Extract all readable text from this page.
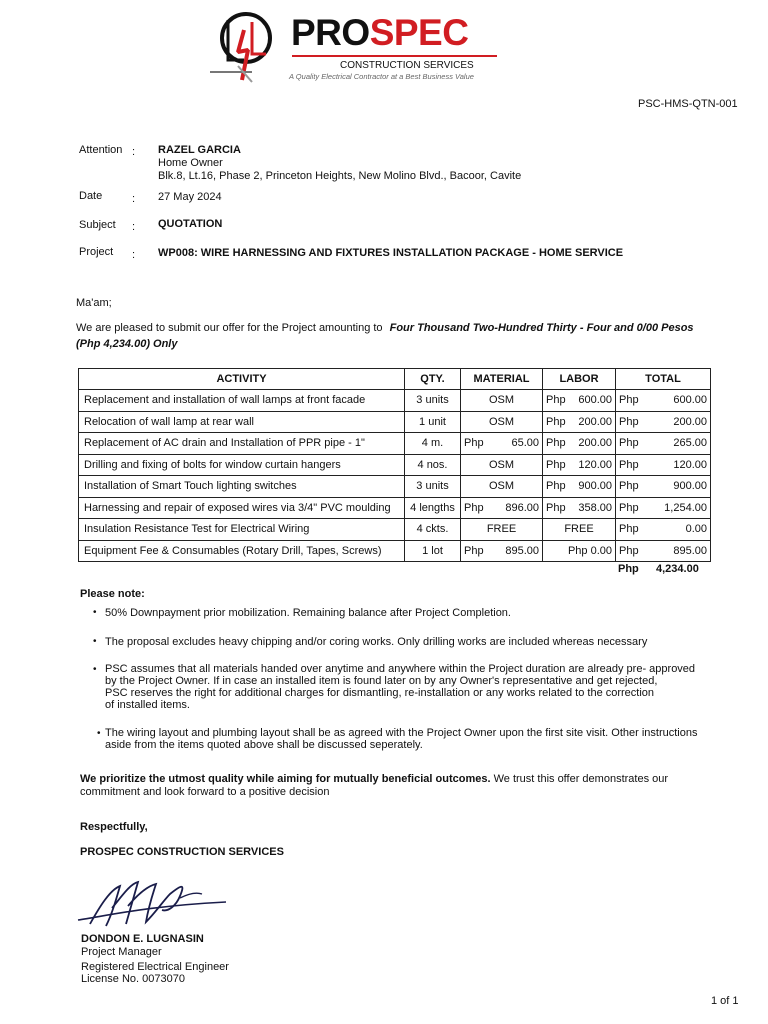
PROSPEC
CONSTRUCTION SERVICES
A Quality Electrical Contractor at a Best Business Value
PSC-HMS-QTN-001
Attention : RAZEL GARCIA
Home Owner
Blk.8, Lt.16, Phase 2, Princeton Heights, New Molino Blvd., Bacoor, Cavite
Date	: 27 May 2024
Subject : QUOTATION
Project : WP008: WIRE HARNESSING AND FIXTURES INSTALLATION PACKAGE - HOME SERVICE
Ma'am;
We are pleased to submit our offer for the Project amounting to Four Thousand Two-Hundred Thirty - Four and 0/00 Pesos
(Php 4,234.00) Only
ACTIVITY	QTY.	MATERIAL	LABOR	TOTAL
Replacement and installation of wall lamps at front facade	3 units	OSM	Php 600.00	Php 600.00

Relocation of wall lamp at rear wall	1 unit	OSM	Php 200.00	Php 200.00

Replacement of AC drain and Installation of PPR pipe - 1"	4 m.	Php 65.00	Php 200.00	Php 265.00

Drilling and fixing of bolts for window curtain hangers	4 nos.	OSM	Php 120.00	Php 120.00

Installation of Smart Touch lighting switches	3 units	OSM	Php 900.00	Php 900.00

Harnessing and repair of exposed wires via 3/4" PVC moulding	4 lengths	Php 896.00	Php 358.00	Php 1,254.00

Insulation Resistance Test for Electrical Wiring	4 ckts.	FREE	FREE	Php 0.00

Equipment Fee & Consumables (Rotary Drill, Tapes, Screws)	1 lot	Php 895.00	Php 0.00	Php 895.00
Php 4,234.00
Please note:
• 50% Downpayment prior mobilization. Remaining balance after Project Completion.
• The proposal excludes heavy chipping and/or coring works. Only drilling works are included whereas necessary
• PSC assumes that all materials handed over anytime and anywhere within the Project duration are already pre- approved
by the Project Owner. If in case an installed item is found later on by any Owner's representative and get rejected,
PSC reserves the right for additional charges for dismantling, re-installation or any works related to the correction
of installed items.
• The wiring layout and plumbing layout shall be as agreed with the Project Owner upon the first site visit. Other instructions
aside from the items quoted above shall be discussed seperately.
We prioritize the utmost quality while aiming for mutually beneficial outcomes. We trust this offer demonstrates our
commitment and look forward to a positive decision
Respectfully,
PROSPEC CONSTRUCTION SERVICES
DONDON E. LUGNASIN
Project Manager
Registered Electrical Engineer
License No. 0073070
1 of 1
